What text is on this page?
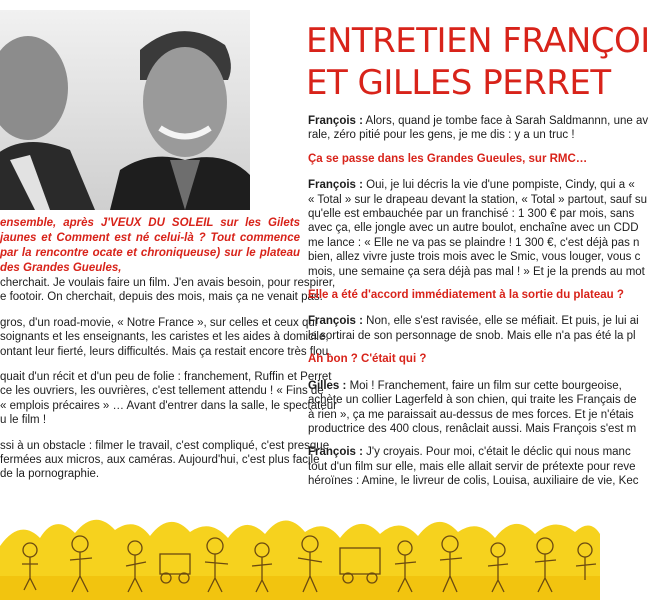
ensemble, après J'VEUX DU SOLEIL sur les Gilets jaunes et Comment est né celui-là ? Tout commence par la rencontre ocate et chroniqueuse) sur le plateau des Grandes Gueules,

cherchait. Je voulais faire un film. J'en avais besoin, pour respirer,
e footoir. On cherchait, depuis des mois, mais ça ne venait pas.

gros, d'un road-movie, « Notre France », sur celles et ceux qui
soignants et les enseignants, les caristes et les aides à domicile,
ontant leur fierté, leurs difficultés. Mais ça restait encore très flou.

quait d'un récit et d'un peu de folie : franchement, Ruffin et Perret
ce les ouvriers, les ouvrières, c'est tellement attendu ! « Fins de
« emplois précaires » … Avant d'entrer dans la salle, le spectateur
u le film !

ssi à un obstacle : filmer le travail, c'est compliqué, c'est presque
fermées aux micros, aux caméras. Aujourd'hui, c'est plus facile
de la pornographie.

ENTRETIEN FRANÇOI
ET GILLES PERRET

François : Alors, quand je tombe face à Sarah Saldmannn, une av
rale, zéro pitié pour les gens, je me dis : y a un truc !

Ça se passe dans les Grandes Gueules, sur RMC…

François : Oui, je lui décris la vie d'une pompiste, Cindy, qui a «
« Total » sur le drapeau devant la station, « Total » partout, sauf su
qu'elle est embauchée par un franchisé : 1 300 € par mois, sans
avec ça, elle jongle avec un autre boulot, enchaîne avec un CDD
me lance : « Elle ne va pas se plaindre ! 1 300 €, c'est déjà pas n
bien, allez vivre juste trois mois avec le Smic, vous louger, vous c
mois, une semaine ça sera déjà pas mal ! » Et je la prends au mot

Elle a été d'accord immédiatement à la sortie du plateau ?

François : Non, elle s'est ravisée, elle se méfiait. Et puis, je lui ai
la sortirai de son personnage de snob. Mais elle n'a pas été la pl

Ah bon ? C'était qui ?

Gilles : Moi ! Franchement, faire un film sur cette bourgeoise,
achète un collier Lagerfeld à son chien, qui traite les Français de
à rien », ça me paraissait au-dessus de mes forces. Et je n'étais
productrice des 400 clous, renâclait aussi. Mais François s'est m

François : J'y croyais. Pour moi, c'était le déclic qui nous manc
tout d'un film sur elle, mais elle allait servir de prétexte pour reve
héroïnes : Amine, le livreur de colis, Louisa, auxiliaire de vie, Kec
